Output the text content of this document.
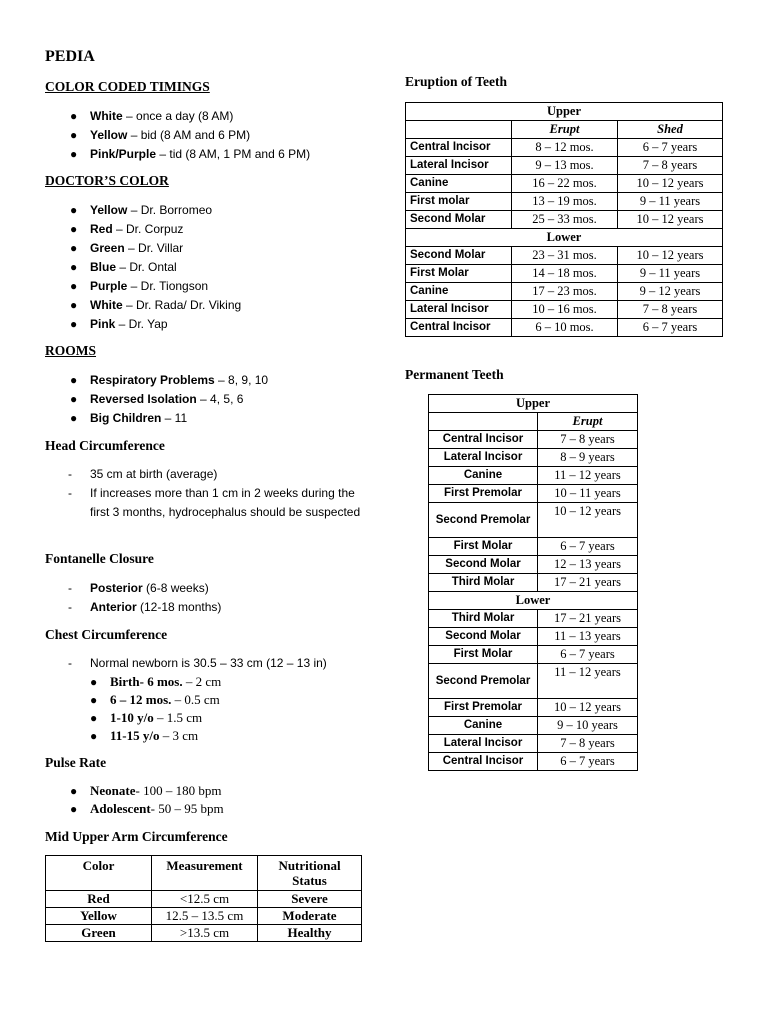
PEDIA
COLOR CODED TIMINGS
● White – once a day (8 AM)
● Yellow – bid (8 AM and 6 PM)
● Pink/Purple – tid (8 AM, 1 PM and 6 PM)
DOCTOR’S COLOR
● Yellow – Dr. Borromeo
● Red – Dr. Corpuz
● Green – Dr. Villar
● Blue – Dr. Ontal
● Purple – Dr. Tiongson
● White – Dr. Rada/ Dr. Viking
● Pink – Dr. Yap
ROOMS
● Respiratory Problems – 8, 9, 10
● Reversed Isolation – 4, 5, 6
● Big Children – 11
Head Circumference
- 35 cm at birth (average)
- If increases more than 1 cm in 2 weeks during the first 3 months, hydrocephalus should be suspected
Fontanelle Closure
- Posterior (6-8 weeks)
- Anterior (12-18 months)
Chest Circumference
- Normal newborn is 30.5 – 33 cm (12 – 13 in)
● Birth- 6 mos. – 2 cm
● 6 – 12 mos. – 0.5 cm
● 1-10 y/o – 1.5 cm
● 11-15 y/o – 3 cm
Pulse Rate
● Neonate- 100 – 180 bpm
● Adolescent- 50 – 95 bpm
Mid Upper Arm Circumference
Color	Measurement	Nutritional Status
Red	<12.5 cm	Severe
Yellow	12.5 – 13.5 cm	Moderate
Green	>13.5 cm	Healthy
Eruption of Teeth
Upper		
	Erupt	Shed
Central Incisor	8 – 12 mos.	6 – 7 years
Lateral Incisor	9 – 13 mos.	7 – 8 years
Canine	16 – 22 mos.	10 – 12 years
First molar	13 – 19 mos.	9 – 11 years
Second Molar	25 – 33 mos.	10 – 12 years
Lower		
Second Molar	23 – 31 mos.	10 – 12 years
First Molar	14 – 18 mos.	9 – 11 years
Canine	17 – 23 mos.	9 – 12 years
Lateral Incisor	10 – 16 mos.	7 – 8 years
Central Incisor	6 – 10 mos.	6 – 7 years
Permanent Teeth
Upper	
	Erupt
Central Incisor	7 – 8 years
Lateral Incisor	8 – 9 years
Canine	11 – 12 years
First Premolar	10 – 11 years
Second Premolar	10 – 12 years
First Molar	6 – 7 years
Second Molar	12 – 13 years
Third Molar	17 – 21 years
Lower	
Third Molar	17 – 21 years
Second Molar	11 – 13 years
First Molar	6 – 7 years
Second Premolar	11 – 12 years
First Premolar	10 – 12 years
Canine	9 – 10 years
Lateral Incisor	7 – 8 years
Central Incisor	6 – 7 years
